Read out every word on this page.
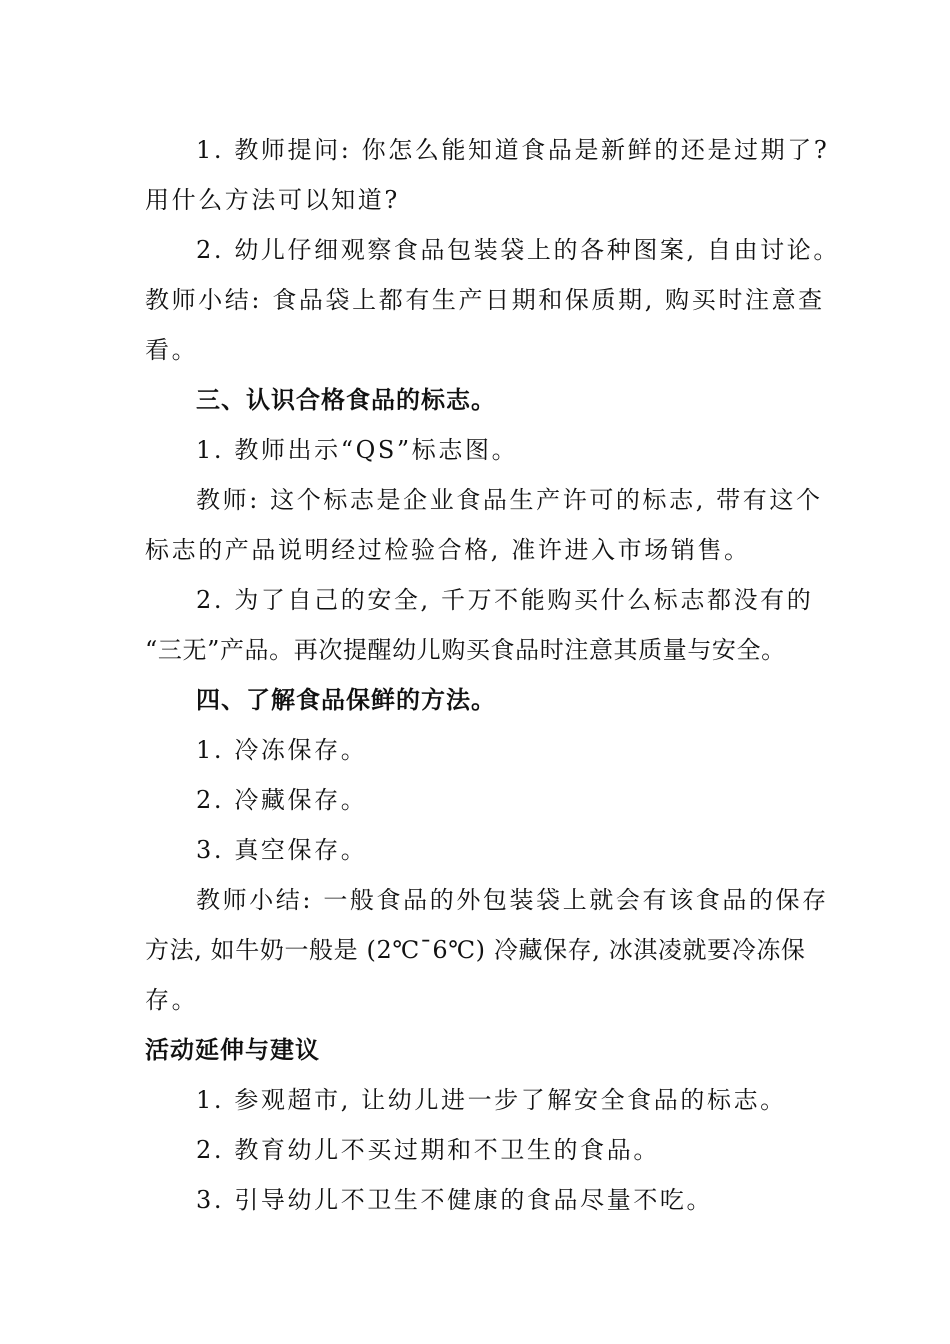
1. 教师提问: 你怎么能知道食品是新鲜的还是过期了?
用什么方法可以知道?
2. 幼儿仔细观察食品包装袋上的各种图案, 自由讨论。
教师小结: 食品袋上都有生产日期和保质期, 购买时注意查
看。
三、认识合格食品的标志。
1. 教师出示“QS”标志图。
教师: 这个标志是企业食品生产许可的标志, 带有这个
标志的产品说明经过检验合格, 准许进入市场销售。
2. 为了自己的安全, 千万不能购买什么标志都没有的
“三无”产品。再次提醒幼儿购买食品时注意其质量与安全。
四、了解食品保鲜的方法。
1. 冷冻保存。
2. 冷藏保存。
3. 真空保存。
教师小结: 一般食品的外包装袋上就会有该食品的保存
方法, 如牛奶一般是 (2℃¯6℃) 冷藏保存, 冰淇凌就要冷冻保
存。
活动延伸与建议
1. 参观超市, 让幼儿进一步了解安全食品的标志。
2. 教育幼儿不买过期和不卫生的食品。
3. 引导幼儿不卫生不健康的食品尽量不吃。
